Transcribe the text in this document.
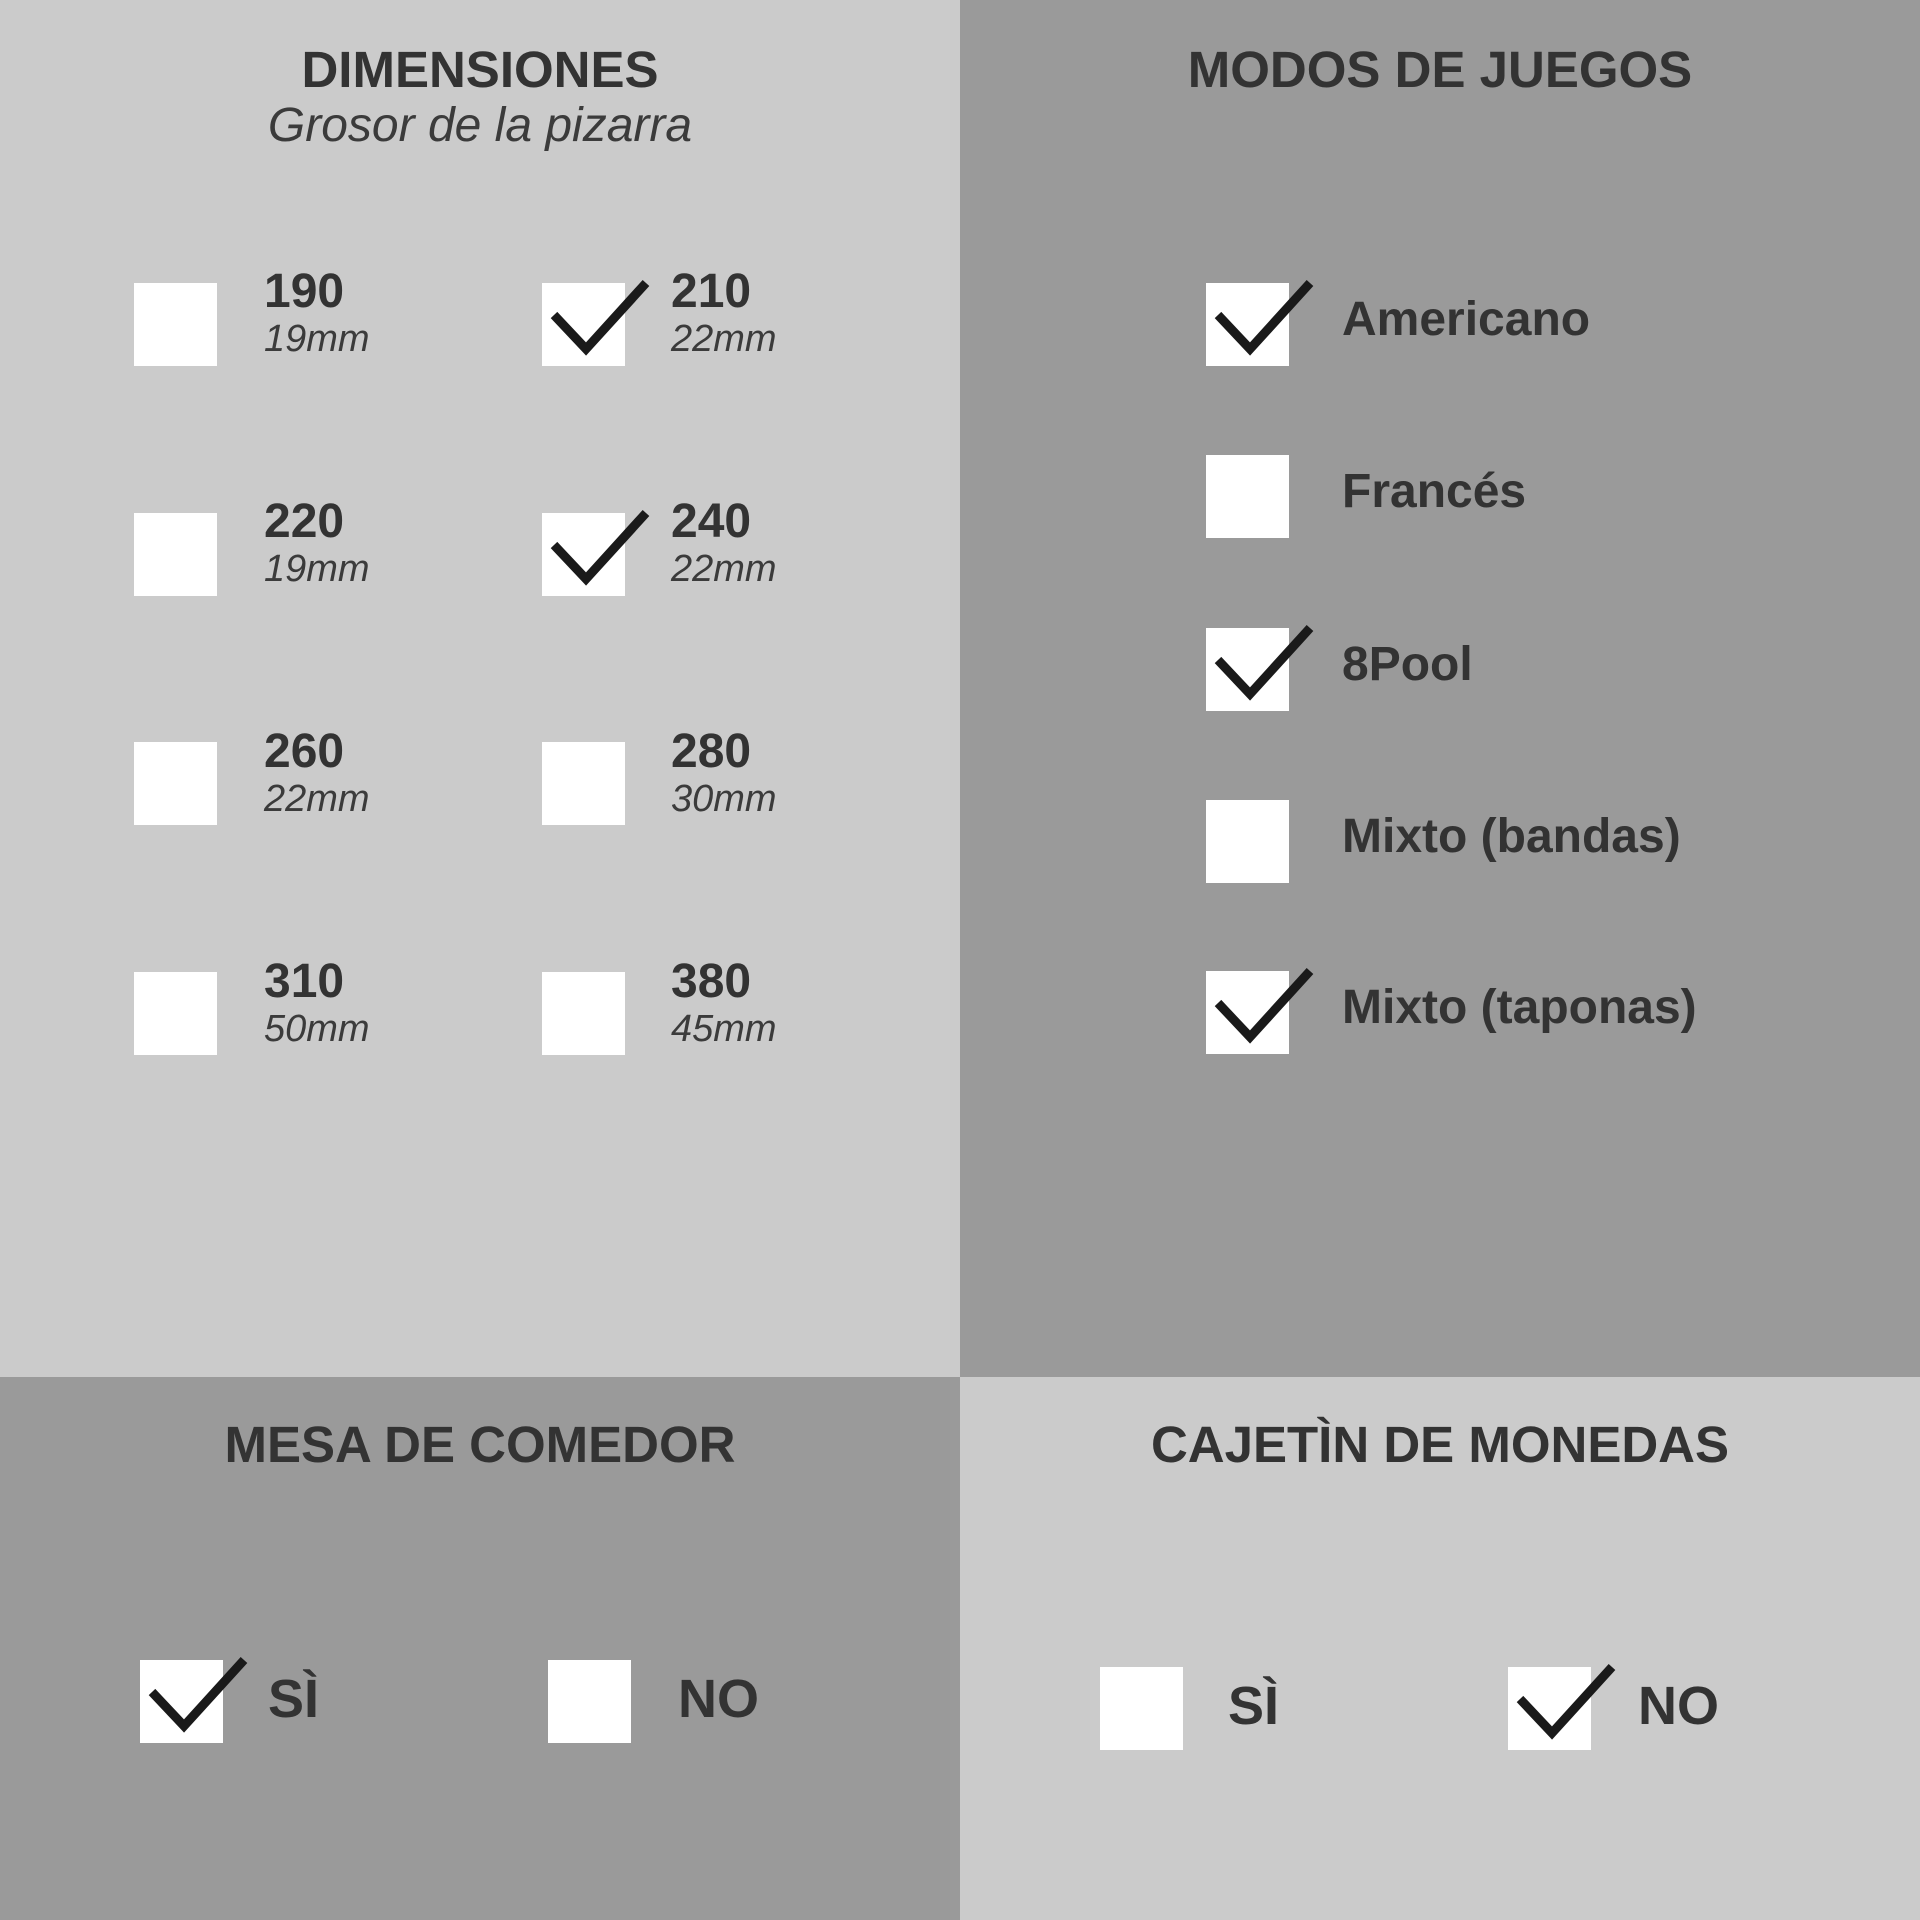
DIMENSIONES
Grosor de la pizarra
190
19mm
210
22mm
220
19mm
240
22mm
260
22mm
280
30mm
310
50mm
380
45mm
MODOS DE JUEGOS
Americano
Francés
8Pool
Mixto (bandas)
Mixto (taponas)
MESA DE COMEDOR
SÌ	NO
CAJETÌN DE MONEDAS
SÌ	NO
